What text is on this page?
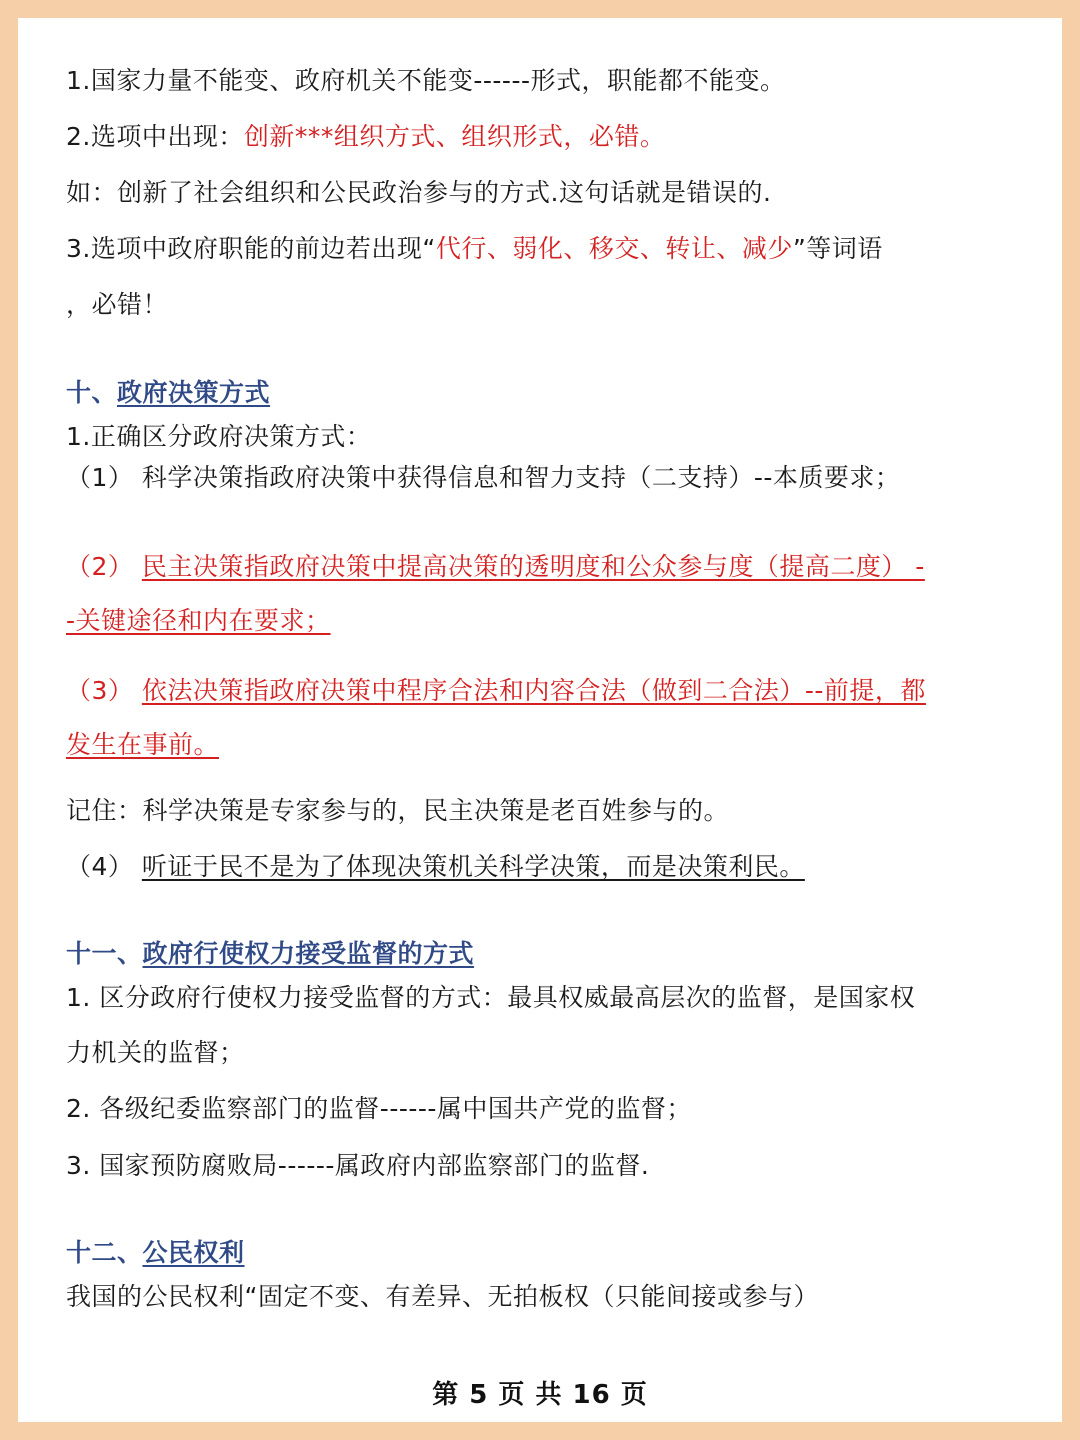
1.国家力量不能变、政府机关不能变------形式，职能都不能变。
2.选项中出现：创新***组织方式、组织形式，必错。
如：创新了社会组织和公民政治参与的方式.这句话就是错误的.
3.选项中政府职能的前边若出现“代行、弱化、移交、转让、减少”等词语
，必错！
十、政府决策方式
1.正确区分政府决策方式：
（1） 科学决策指政府决策中获得信息和智力支持（二支持）--本质要求；
（2） 民主决策指政府决策中提高决策的透明度和公众参与度（提高二度） -
-关键途径和内在要求；
（3） 依法决策指政府决策中程序合法和内容合法（做到二合法）--前提，都
发生在事前。
记住：科学决策是专家参与的，民主决策是老百姓参与的。
（4） 听证于民不是为了体现决策机关科学决策，而是决策利民。
十一、政府行使权力接受监督的方式
1. 区分政府行使权力接受监督的方式：最具权威最高层次的监督，是国家权
力机关的监督；
2. 各级纪委监察部门的监督------属中国共产党的监督；
3. 国家预防腐败局------属政府内部监察部门的监督.
十二、公民权利
我国的公民权利“固定不变、有差异、无拍板权（只能间接或参与）
第 5 页 共 16 页
